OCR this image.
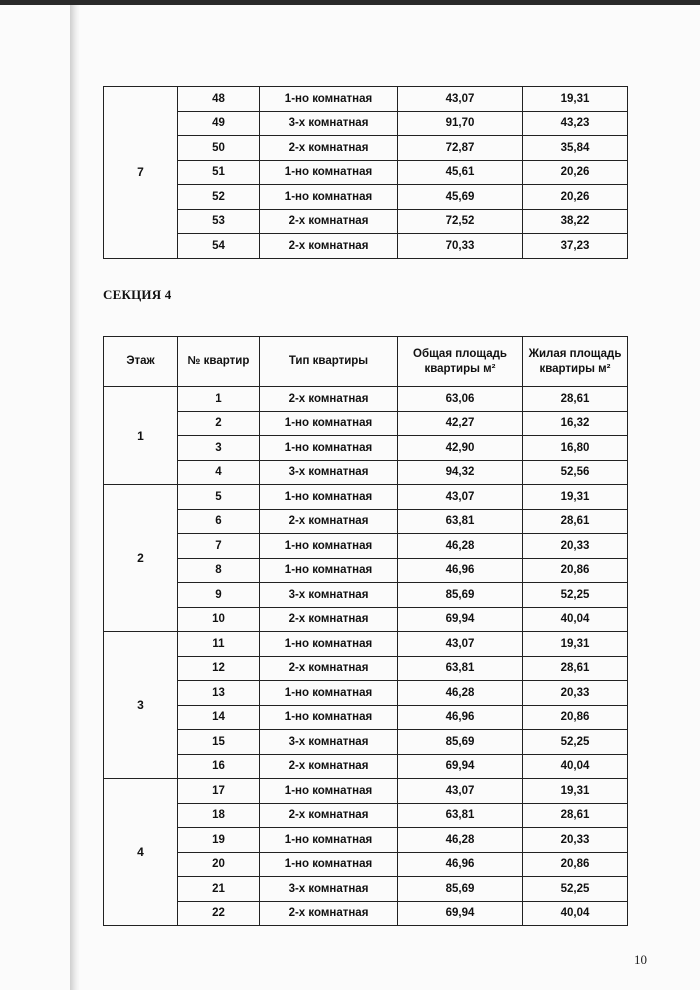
7	48	1-но комнатная	43,07	19,31
	49	3-х комнатная	91,70	43,23
	50	2-х комнатная	72,87	35,84
	51	1-но комнатная	45,61	20,26
	52	1-но комнатная	45,69	20,26
	53	2-х комнатная	72,52	38,22
	54	2-х комнатная	70,33	37,23
СЕКЦИЯ 4
Этаж	№ квартир	Тип квартиры	Общая площадь квартиры м²	Жилая площадь квартиры м²
1	1	2-х комнатная	63,06	28,61
	2	1-но комнатная	42,27	16,32
	3	1-но комнатная	42,90	16,80
	4	3-х комнатная	94,32	52,56
2	5	1-но комнатная	43,07	19,31
	6	2-х комнатная	63,81	28,61
	7	1-но комнатная	46,28	20,33
	8	1-но комнатная	46,96	20,86
	9	3-х комнатная	85,69	52,25
	10	2-х комнатная	69,94	40,04
3	11	1-но комнатная	43,07	19,31
	12	2-х комнатная	63,81	28,61
	13	1-но комнатная	46,28	20,33
	14	1-но комнатная	46,96	20,86
	15	3-х комнатная	85,69	52,25
	16	2-х комнатная	69,94	40,04
4	17	1-но комнатная	43,07	19,31
	18	2-х комнатная	63,81	28,61
	19	1-но комнатная	46,28	20,33
	20	1-но комнатная	46,96	20,86
	21	3-х комнатная	85,69	52,25
	22	2-х комнатная	69,94	40,04
10
